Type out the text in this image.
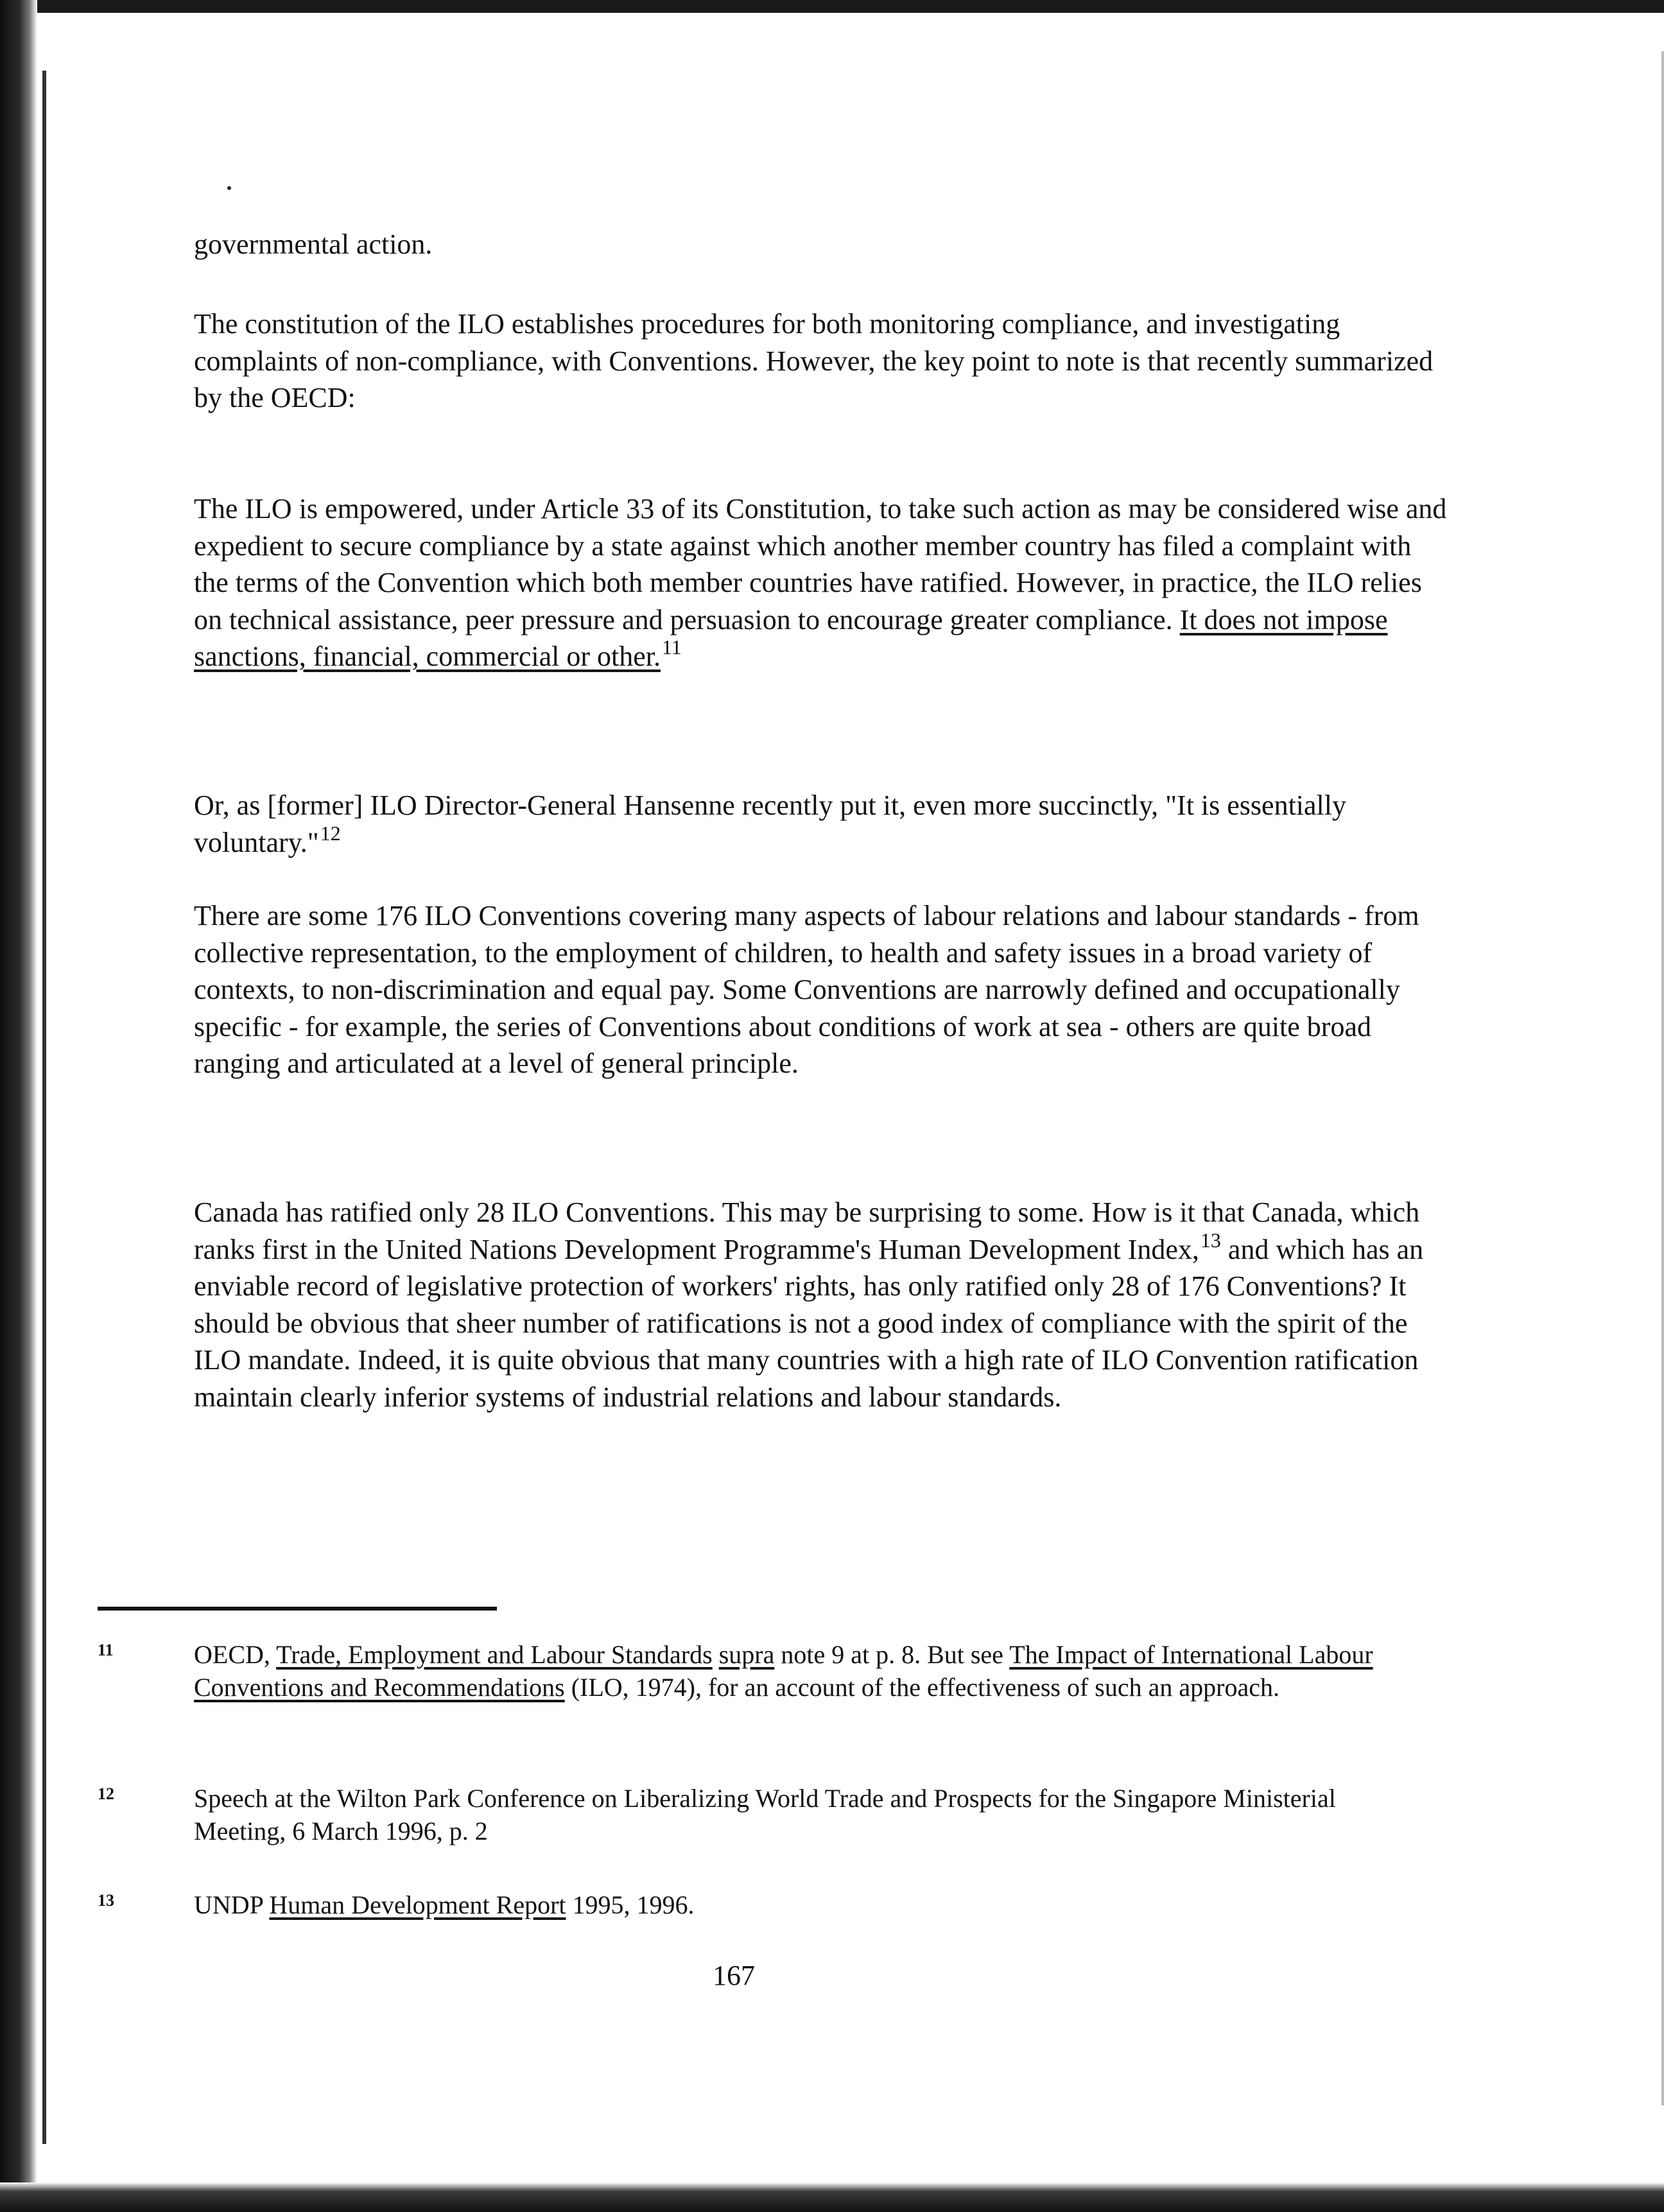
governmental action.

The constitution of the ILO establishes procedures for both monitoring compliance, and investigating complaints of non-compliance, with Conventions. However, the key point to note is that recently summarized by the OECD:

The ILO is empowered, under Article 33 of its Constitution, to take such action as may be considered wise and expedient to secure compliance by a state against which another member country has filed a complaint with the terms of the Convention which both member countries have ratified. However, in practice, the ILO relies on technical assistance, peer pressure and persuasion to encourage greater compliance. It does not impose sanctions, financial, commercial or other.$^{11}$

Or, as [former] ILO Director-General Hansenne recently put it, even more succinctly, "It is essentially voluntary."$^{12}$

There are some 176 ILO Conventions covering many aspects of labour relations and labour standards - from collective representation, to the employment of children, to health and safety issues in a broad variety of contexts, to non-discrimination and equal pay. Some Conventions are narrowly defined and occupationally specific - for example, the series of Conventions about conditions of work at sea - others are quite broad ranging and articulated at a level of general principle.

Canada has ratified only 28 ILO Conventions. This may be surprising to some. How is it that Canada, which ranks first in the United Nations Development Programme's Human Development Index,$^{13}$ and which has an enviable record of legislative protection of workers' rights, has only ratified only 28 of 176 Conventions? It should be obvious that sheer number of ratifications is not a good index of compliance with the spirit of the ILO mandate. Indeed, it is quite obvious that many countries with a high rate of ILO Convention ratification maintain clearly inferior systems of industrial relations and labour standards.

11	OECD, Trade, Employment and Labour Standards supra note 9 at p. 8. But see The Impact of International Labour Conventions and Recommendations (ILO, 1974), for an account of the effectiveness of such an approach.
12	Speech at the Wilton Park Conference on Liberalizing World Trade and Prospects for the Singapore Ministerial Meeting, 6 March 1996, p. 2
13	UNDP Human Development Report 1995, 1996.
167
